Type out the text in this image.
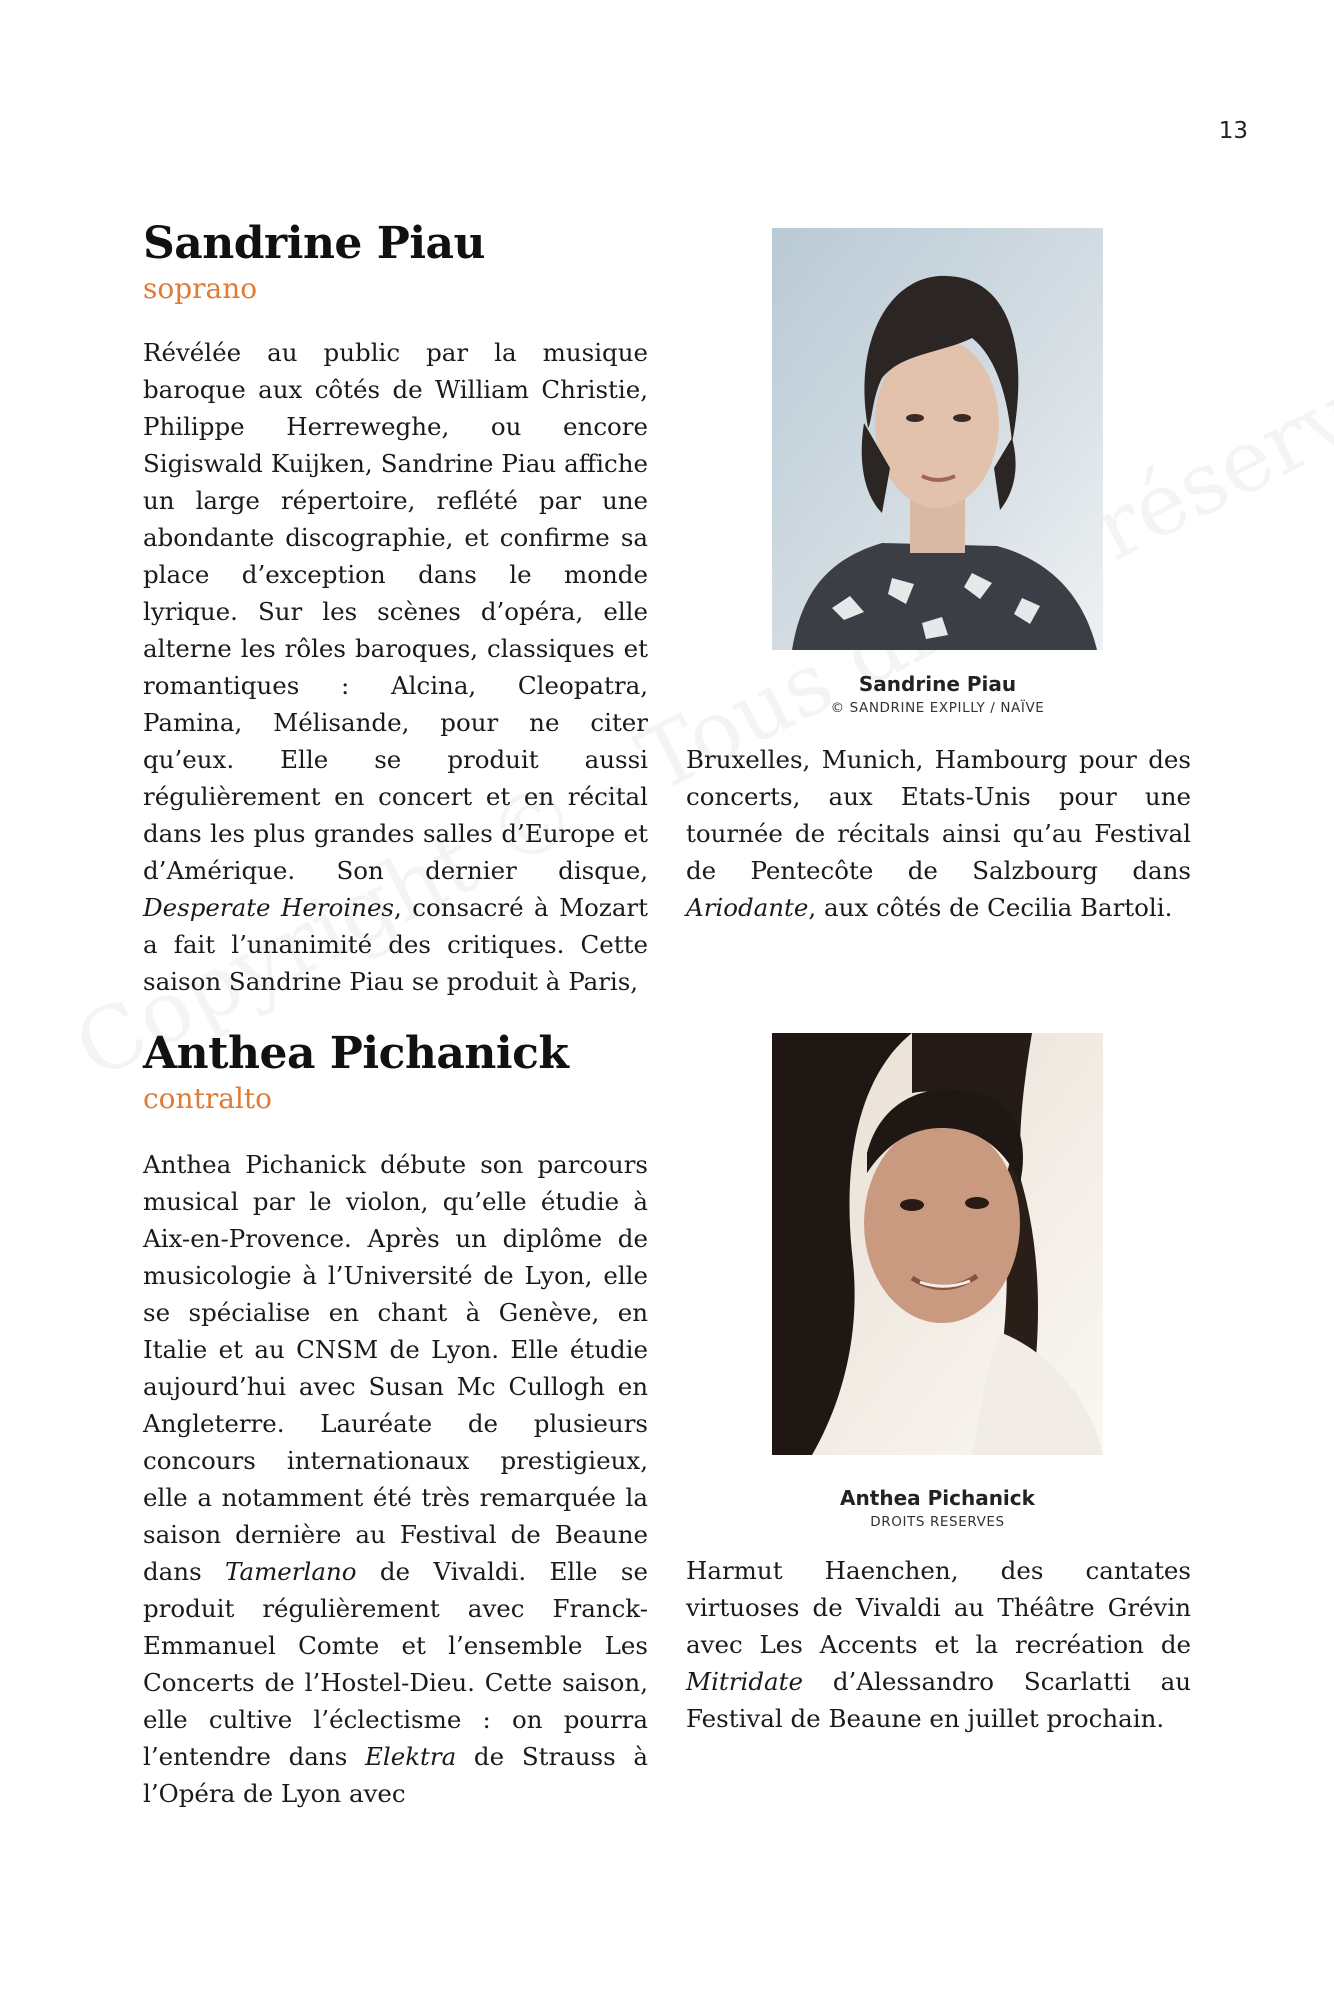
13
Sandrine Piau
soprano

Révélée au public par la musique baroque aux côtés de William Christie, Philippe Herreweghe, ou encore Sigiswald Kuijken, Sandrine Piau affiche un large répertoire, reflété par une abondante discographie, et confirme sa place d’exception dans le monde lyrique. Sur les scènes d’opéra, elle alterne les rôles baroques, classiques et romantiques : Alcina, Cleopatra, Pamina, Mélisande, pour ne citer qu’eux. Elle se produit aussi régulièrement en concert et en récital dans les plus grandes salles d’Europe et d’Amérique. Son dernier disque, Desperate Heroines, consacré à Mozart a fait l’unanimité des critiques. Cette saison Sandrine Piau se produit à Paris,

Sandrine Piau
© SANDRINE EXPILLY / NAÏVE

Bruxelles, Munich, Hambourg pour des concerts, aux Etats-Unis pour une tournée de récitals ainsi qu’au Festival de Pentecôte de Salzbourg dans Ariodante, aux côtés de Cecilia Bartoli.

Anthea Pichanick
contralto

Anthea Pichanick débute son parcours musical par le violon, qu’elle étudie à Aix-en-Provence. Après un diplôme de musicologie à l’Université de Lyon, elle se spécialise en chant à Genève, en Italie et au CNSM de Lyon. Elle étudie aujourd’hui avec Susan Mc Cullogh en Angleterre. Lauréate de plusieurs concours internationaux prestigieux, elle a notamment été très remarquée la saison dernière au Festival de Beaune dans Tamerlano de Vivaldi. Elle se produit régulièrement avec Franck-Emmanuel Comte et l’ensemble Les Concerts de l’Hostel-Dieu. Cette saison, elle cultive l’éclectisme : on pourra l’entendre dans Elektra de Strauss à l’Opéra de Lyon avec

Anthea Pichanick
DROITS RESERVES

Harmut Haenchen, des cantates virtuoses de Vivaldi au Théâtre Grévin avec Les Accents et la recréation de Mitridate d’Alessandro Scarlatti au Festival de Beaune en juillet prochain.
